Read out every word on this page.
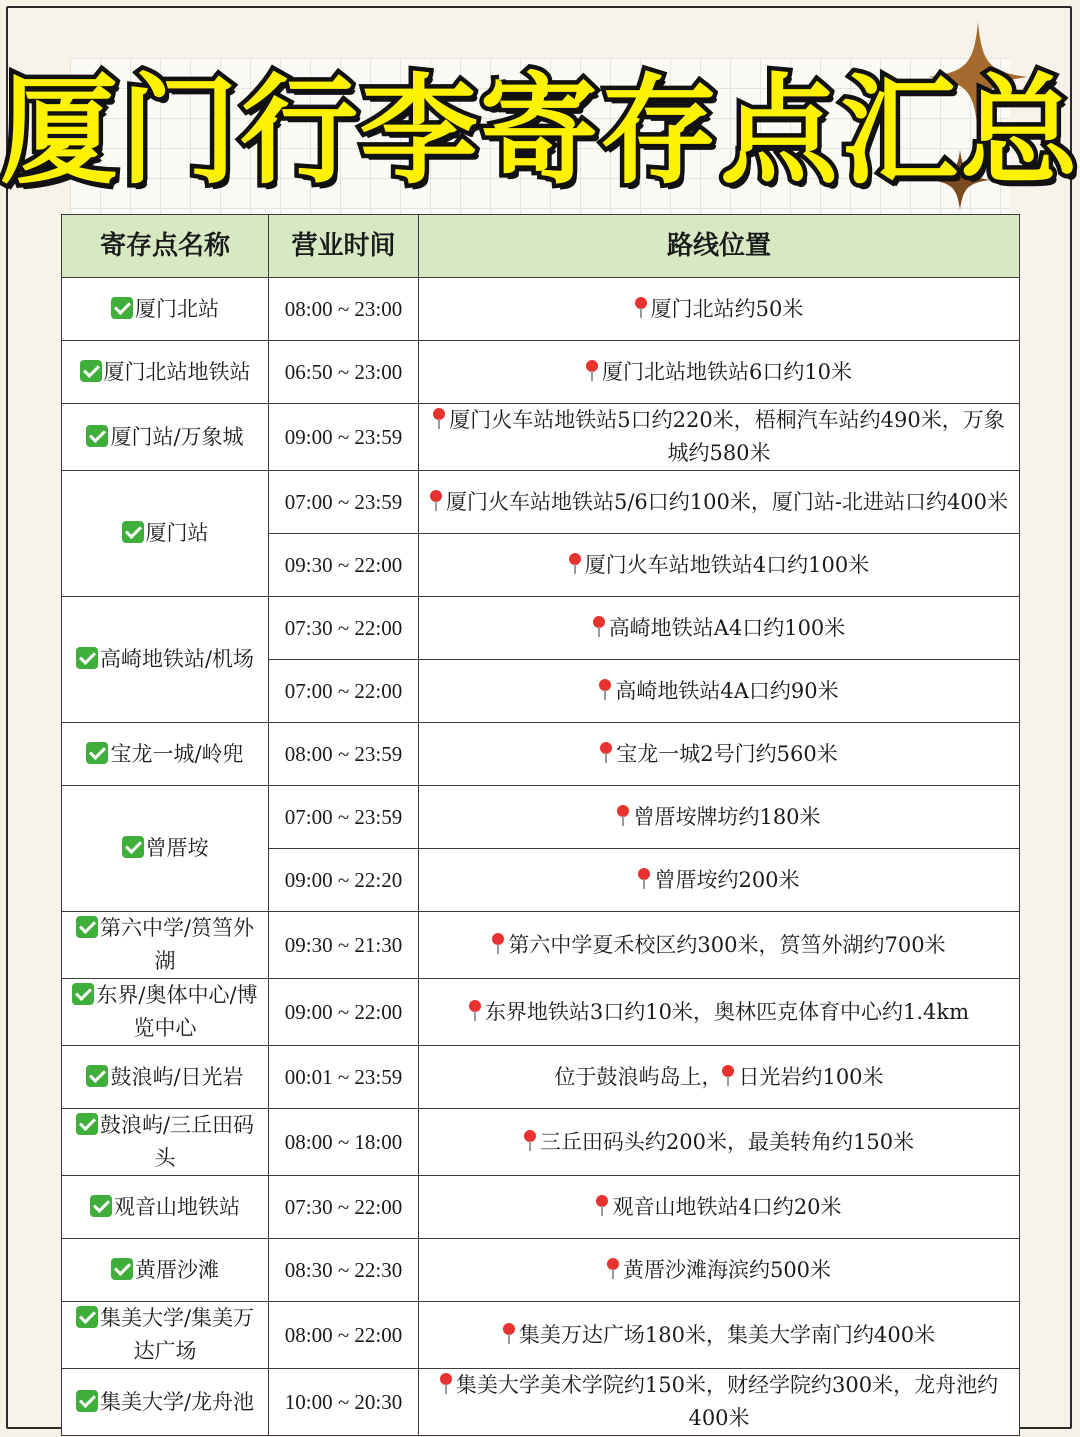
厦门行李寄存点汇总
寄存点名称	营业时间	路线位置
厦门北站	08:00 ~ 23:00	厦门北站约50米
厦门北站地铁站	06:50 ~ 23:00	厦门北站地铁站6口约10米
厦门站/万象城	09:00 ~ 23:59	厦门火车站地铁站5口约220米，梧桐汽车站约490米，万象城约580米
厦门站	07:00 ~ 23:59	厦门火车站地铁站5/6口约100米，厦门站-北进站口约400米
	09:30 ~ 22:00	厦门火车站地铁站4口约100米
高崎地铁站/机场	07:30 ~ 22:00	高崎地铁站A4口约100米
	07:00 ~ 22:00	高崎地铁站4A口约90米
宝龙一城/岭兜	08:00 ~ 23:59	宝龙一城2号门约560米
曾厝垵	07:00 ~ 23:59	曾厝垵牌坊约180米
	09:00 ~ 22:20	曾厝垵约200米
第六中学/筼筜外湖	09:30 ~ 21:30	第六中学夏禾校区约300米，筼筜外湖约700米
东界/奥体中心/博览中心	09:00 ~ 22:00	东界地铁站3口约10米，奥林匹克体育中心约1.4km
鼓浪屿/日光岩	00:01 ~ 23:59	位于鼓浪屿岛上， 日光岩约100米
鼓浪屿/三丘田码头	08:00 ~ 18:00	三丘田码头约200米，最美转角约150米
观音山地铁站	07:30 ~ 22:00	观音山地铁站4口约20米
黄厝沙滩	08:30 ~ 22:30	黄厝沙滩海滨约500米
集美大学/集美万达广场	08:00 ~ 22:00	集美万达广场180米，集美大学南门约400米
集美大学/龙舟池	10:00 ~ 20:30	集美大学美术学院约150米，财经学院约300米，龙舟池约400米
